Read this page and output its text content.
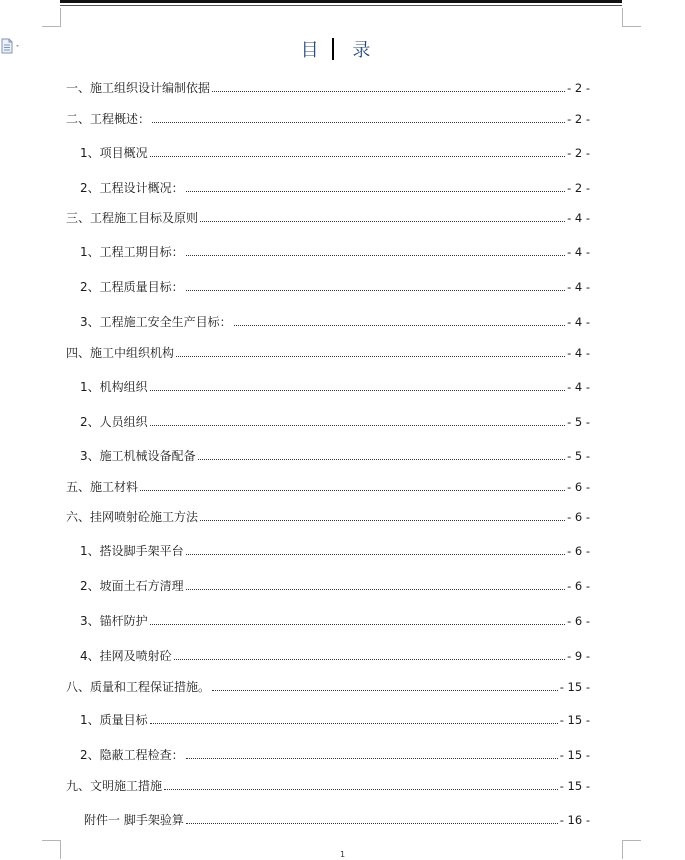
目 录
一、施工组织设计编制依据	- 2 -
二、工程概述：	- 2 -
1、项目概况	- 2 -
2、工程设计概况：	- 2 -
三、工程施工目标及原则	- 4 -
1、工程工期目标：	- 4 -
2、工程质量目标：	- 4 -
3、工程施工安全生产目标：	- 4 -
四、施工中组织机构	- 4 -
1、机构组织	- 4 -
2、人员组织	- 5 -
3、施工机械设备配备	- 5 -
五、施工材料	- 6 -
六、挂网喷射砼施工方法	- 6 -
1、搭设脚手架平台	- 6 -
2、坡面土石方清理	- 6 -
3、锚杆防护	- 6 -
4、挂网及喷射砼	- 9 -
八、质量和工程保证措施。	- 15 -
1、质量目标	- 15 -
2、隐蔽工程检查：	- 15 -
九、文明施工措施	- 15 -
附件一 脚手架验算	- 16 -
1
